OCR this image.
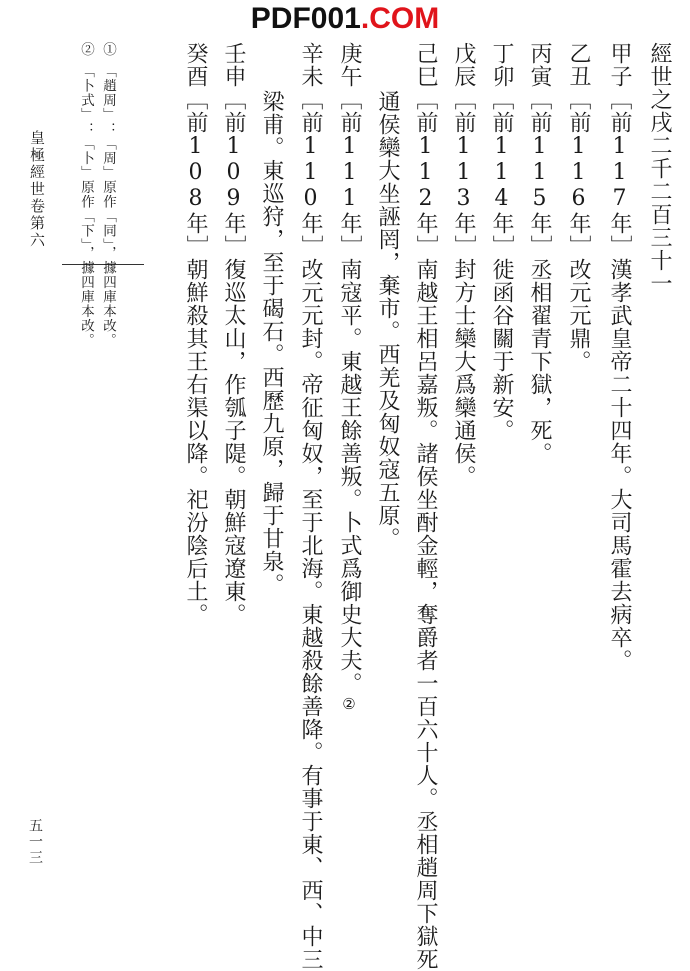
PDF001.COM
經世之戌二千二百三十一
甲子［前117年］漢孝武皇帝二十四年。大司馬霍去病卒。
乙丑［前116年］改元元鼎。
丙寅［前115年］丞相翟青下獄，死。
丁卯［前114年］徙函谷關于新安。
戊辰［前113年］封方士欒大爲欒通侯。
己巳［前112年］南越王相呂嘉叛。諸侯坐酎金輕，奪爵者一百六十人。丞相趙周下獄死
通侯欒大坐誣罔，棄市。西羌及匈奴寇五原。
庚午［前111年］南寇平。東越王餘善叛。卜式爲御史大夫。②
辛未［前110年］改元元封。帝征匈奴，至于北海。東越殺餘善降。有事于東、西、中三
梁甫。東巡狩，至于碣石。西歷九原，歸于甘泉。
壬申［前109年］復巡太山，作瓠子隄。朝鮮寇遼東。
癸酉［前108年］朝鮮殺其王右渠以降。祀汾陰后土。
①　「趙周」：「周」原作「同」，據四庫本改。
②　「卜式」：「卜」原作「下」，據四庫本改。
皇極經世卷第六
五一三
